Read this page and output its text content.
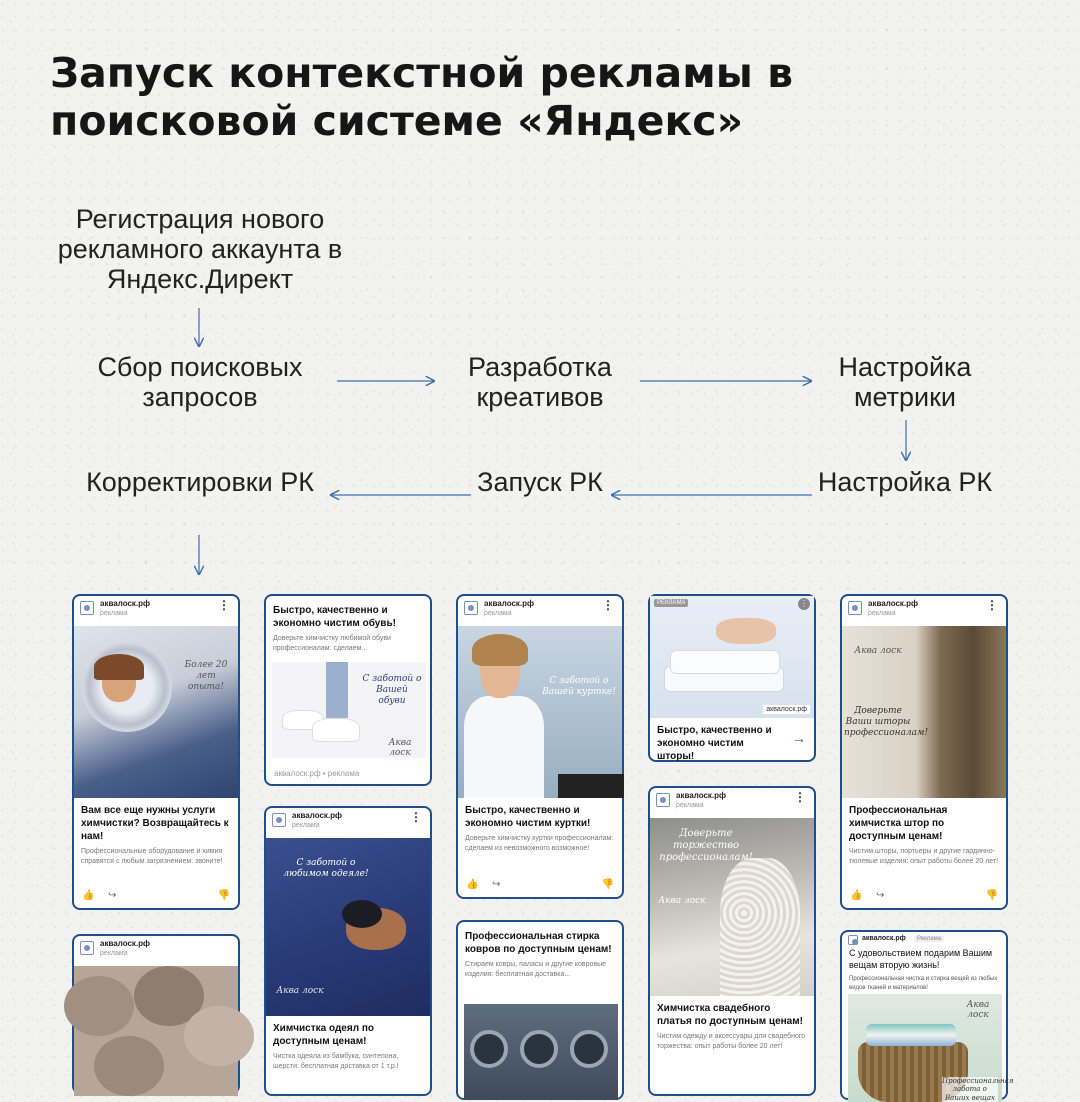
Запуск контекстной рекламы в поисковой системе «Яндекс»
Регистрация нового рекламного аккаунта в Яндекс.Директ
Сбор поисковых запросов
Разработка креативов
Настройка метрики
Настройка РК
Запуск РК
Корректировки РК
аквалоск.рф
реклама
⋮
Более 20 лет опыта!
Вам все еще нужны услуги химчистки? Возвращайтесь к нам!
Профессиональные оборудование и химия справятся с любым загрязнением: звоните!
👍 ↪	👎
Быстро, качественно и экономно чистим обувь!
Доверьте химчистку любимой обуви профессионалам: сделаем...
С заботой о Вашей обуви
Аква лоск
аквалоск.рф • реклама
аквалоск.рф
реклама
⋮
С заботой о Вашей куртке!
Быстро, качественно и экономно чистим куртки!
Доверьте химчистку куртки профессионалам: сделаем из невозможного возможное!
👍 ↪	👎
РЕКЛАМА	⋮
аквалоск.рф
Быстро, качественно и экономно чистим шторы!
→
аквалоск.рф
реклама
⋮
Аква лоск
Доверьте Ваши шторы профессионалам!
Профессиональная химчистка штор по доступным ценам!
Чистим шторы, портьеры и другие гардинно-тюлевые изделия: опыт работы более 20 лет!
👍 ↪	👎
аквалоск.рф
реклама
⋮
С заботой о любимом одеяле!
Аква лоск
Химчистка одеял по доступным ценам!
Чистка одеяла из бамбука, синтепона, шерсти: бесплатная доставка от 1 т.р.!
Профессиональная стирка ковров по доступным ценам!
Стираем ковры, паласы и другие ковровые изделия: бесплатная доставка...
аквалоск.рф
реклама
⋮
Доверьте торжество профессионалам!
Аква лоск
Химчистка свадебного платья по доступным ценам!
Чистим одежду и аксессуары для свадебного торжества: опыт работы более 20 лет!
аквалоск.рф
реклама
аквалоск.рф	Реклама
С удовольствием подарим Вашим вещам вторую жизнь!
Профессиональная чистка и стирка вещей из любых видов тканей и материалов!
Аква лоск
Профессиональная забота о Ваших вещах
